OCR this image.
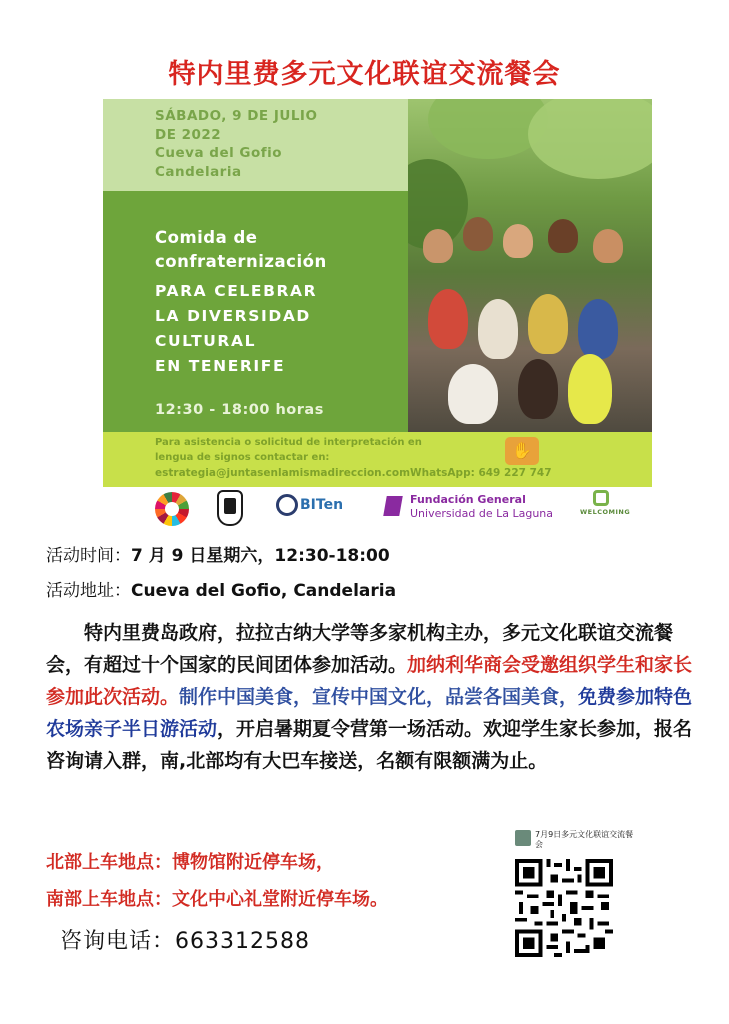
特内里费多元文化联谊交流餐会
SÁBADO, 9 DE JULIO
DE 2022
Cueva del Gofio
Candelaria
Comida de
confraternización
PARA CELEBRAR
LA DIVERSIDAD
CULTURAL
EN TENERIFE
12:30 - 18:00 horas
Para asistencia o solicitud de interpretación en
lengua de signos contactar en:
estrategia@juntasenlamismadireccion.comWhatsApp: 649 227 747
✋
BITen	Fundación General
Universidad de La Laguna	WELCOMING
活动时间：7 月 9 日星期六，12:30-18:00
活动地址：Cueva del Gofio, Candelaria

特内里费岛政府，拉拉古纳大学等多家机构主办，多元文化联谊交流餐会，有超过十个国家的民间团体参加活动。加纳利华商会受邀组织学生和家长参加此次活动。制作中国美食，宣传中国文化，品尝各国美食，免费参加特色农场亲子半日游活动，开启暑期夏令营第一场活动。欢迎学生家长参加，报名咨询请入群，南,北部均有大巴车接送，名额有限额满为止。

北部上车地点：博物馆附近停车场，
南部上车地点：文化中心礼堂附近停车场。
咨询电话：663312588
7月9日多元文化联谊交流餐会
